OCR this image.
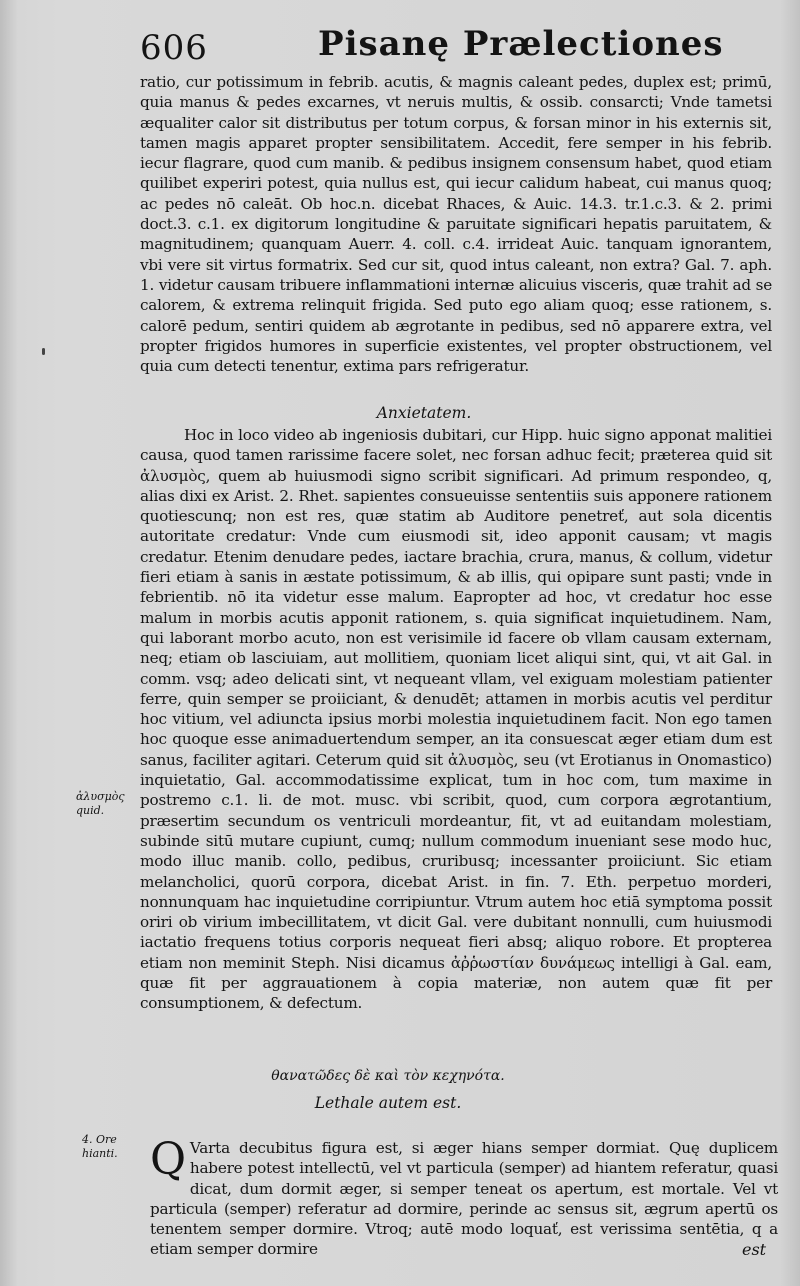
606	Pisanę Prælectiones

ratio, cur potissimum in febrib. acutis, & magnis caleant pedes, duplex est; primū, quia manus & pedes excarnes, vt neruis multis, & ossib. consarcti; Vnde tametsi æqualiter calor sit distributus per totum corpus, & forsan minor in his externis sit, tamen magis apparet propter sensibilitatem. Accedit, fere semper in his febrib. iecur flagrare, quod cum manib. & pedibus insignem consensum habet, quod etiam quilibet experiri potest, quia nullus est, qui iecur calidum habeat, cui manus quoq; ac pedes nō caleāt. Ob hoc.n. dicebat Rhaces, & Auic. 14.3. tr.1.c.3. & 2. primi doct.3. c.1. ex digitorum longitudine & paruitate significari hepatis paruitatem, & magnitudinem; quanquam Auerr. 4. coll. c.4. irrideat Auic. tanquam ignorantem, vbi vere sit virtus formatrix. Sed cur sit, quod intus caleant, non extra? Gal. 7. aph. 1. videtur causam tribuere inflammationi internæ alicuius visceris, quæ trahit ad se calorem, & extrema relinquit frigida. Sed puto ego aliam quoq; esse rationem, s. calorē pedum, sentiri quidem ab ægrotante in pedibus, sed nō apparere extra, vel propter frigidos humores in superficie existentes, vel propter obstructionem, vel quia cum detecti tenentur, extima pars refrigeratur.

Anxietatem.

Hoc in loco video ab ingeniosis dubitari, cur Hipp. huic signo apponat malitiei causa, quod tamen rarissime facere solet, nec forsan adhuc fecit; præterea quid sit ἀλυσμὸς, quem ab huiusmodi signo scribit significari. Ad primum respondeo, q, alias dixi ex Arist. 2. Rhet. sapientes consueuisse sententiis suis apponere rationem quotiescunq; non est res, quæ statim ab Auditore penetreť, aut sola dicentis autoritate credatur: Vnde cum eiusmodi sit, ideo apponit causam; vt magis credatur. Etenim denudare pedes, iactare brachia, crura, manus, & collum, videtur fieri etiam à sanis in æstate potissimum, & ab illis, qui opipare sunt pasti; vnde in febrientib. nō ita videtur esse malum. Eapropter ad hoc, vt credatur hoc esse malum in morbis acutis apponit rationem, s. quia significat inquietudinem. Nam, qui laborant morbo acuto, non est verisimile id facere ob vllam causam externam, neq; etiam ob lasciuiam, aut mollitiem, quoniam licet aliqui sint, qui, vt ait Gal. in comm. vsq; adeo delicati sint, vt nequeant vllam, vel exiguam molestiam patienter ferre, quin semper se proiiciant, & denudēt; attamen in morbis acutis vel perditur hoc vitium, vel adiuncta ipsius morbi molestia inquietudinem facit. Non ego tamen hoc quoque esse animaduertendum semper, an ita consuescat æger etiam dum est sanus, faciliter agitari. Ceterum quid sit ἀλυσμὸς, seu (vt Erotianus in Onomastico) inquietatio, Gal. accommodatissime explicat, tum in hoc com, tum maxime in postremo c.1. li. de mot. musc. vbi scribit, quod, cum corpora ægrotantium, præsertim secundum os ventriculi mordeantur, fit, vt ad euitandam molestiam, subinde sitū mutare cupiunt, cumq; nullum commodum inueniant sese modo huc, modo illuc manib. collo, pedibus, cruribusq; incessanter proiiciunt. Sic etiam melancholici, quorū corpora, dicebat Arist. in fin. 7. Eth. perpetuo morderi, nonnunquam hac inquietudine corripiuntur. Vtrum autem hoc etiā symptoma possit oriri ob virium imbecillitatem, vt dicit Gal. vere dubitant nonnulli, cum huiusmodi iactatio frequens totius corporis nequeat fieri absq; aliquo robore. Et propterea etiam non meminit Steph. Nisi dicamus ἀῤῥωστίαν δυνάμεως intelligi à Gal. eam, quæ fit per aggrauationem à copia materiæ, non autem quæ fit per consumptionem, & defectum.

ἀλυσμὸς quid.
θανατῶδες δὲ καὶ τὸν κεχηνότα.
Lethale autem est.
4. Ore hianti. Q Varta decubitus figura est, si æger hians semper dormiat. Quę duplicem habere potest intellectū, vel vt particula (semper) ad hiantem referatur, quasi dicat, dum dormit æger, si semper teneat os apertum, est mortale. Vel vt particula (semper) referatur ad dormire, perinde ac sensus sit, ægrum apertū os tenentem semper dormire. Vtroq; autē modo loquať, est verissima sentētia, q a etiam semper dormire	est
